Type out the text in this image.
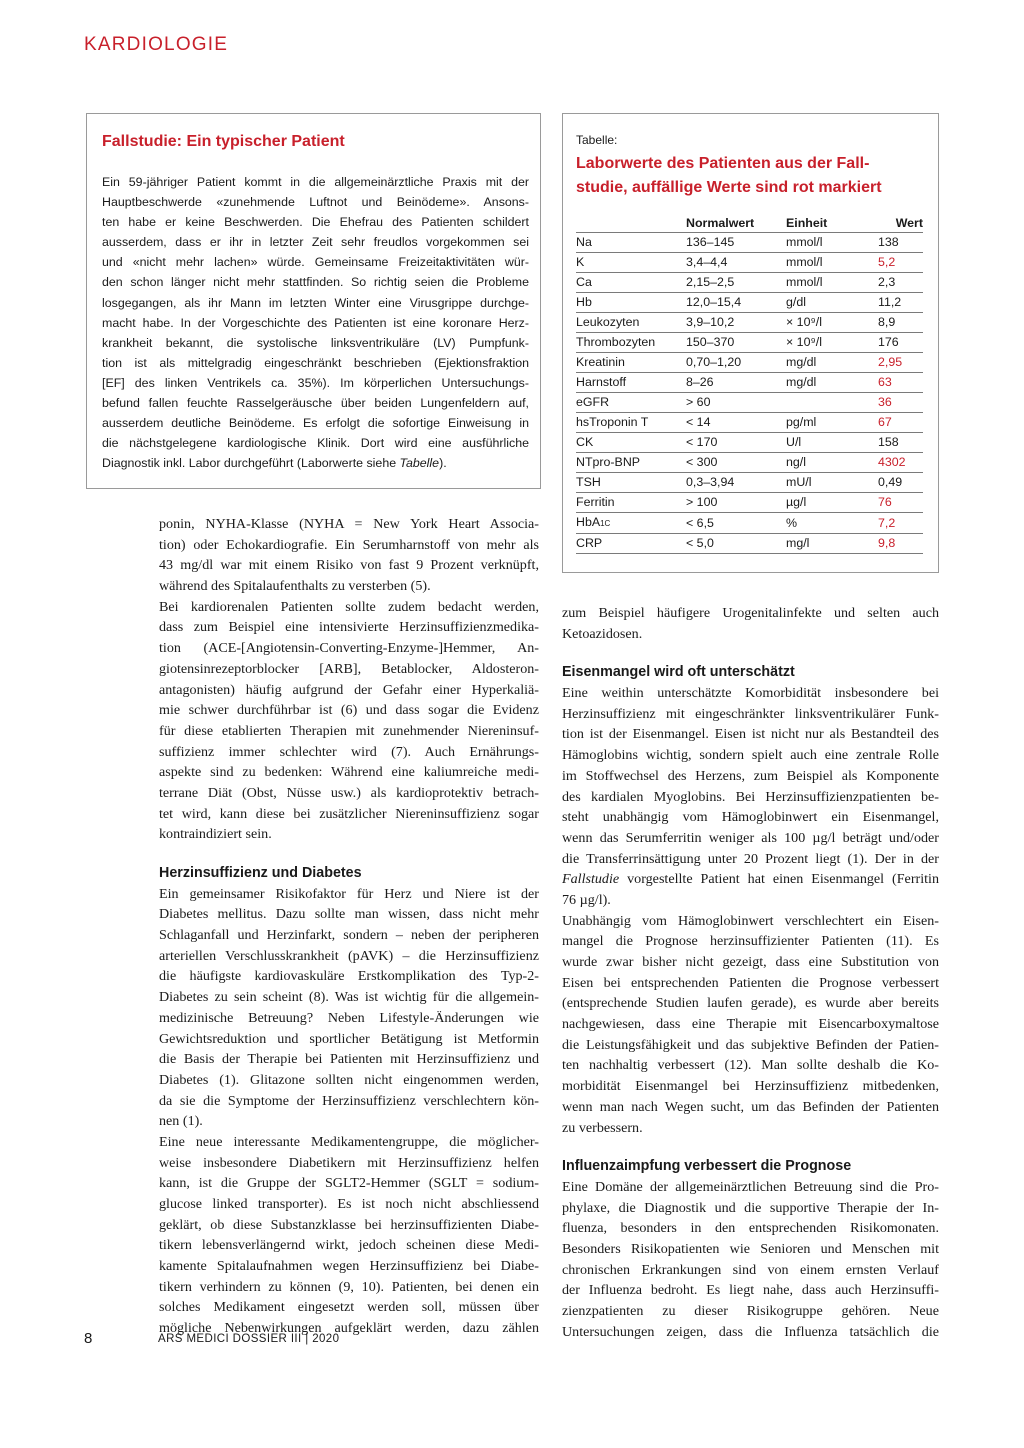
KARDIOLOGIE
Fallstudie: Ein typischer Patient
Ein 59-jähriger Patient kommt in die allgemeinärztliche Praxis mit der
Hauptbeschwerde «zunehmende Luftnot und Beinödeme». Ansons-
ten habe er keine Beschwerden. Die Ehefrau des Patienten schildert
ausserdem, dass er ihr in letzter Zeit sehr freudlos vorgekommen sei
und «nicht mehr lachen» würde. Gemeinsame Freizeitaktivitäten wür-
den schon länger nicht mehr stattfinden. So richtig seien die Probleme
losgegangen, als ihr Mann im letzten Winter eine Virusgrippe durchge-
macht habe. In der Vorgeschichte des Patienten ist eine koronare Herz-
krankheit bekannt, die systolische linksventrikuläre (LV) Pumpfunk-
tion ist als mittelgradig eingeschränkt beschrieben (Ejektionsfraktion
[EF] des linken Ventrikels ca. 35%). Im körperlichen Untersuchungs-
befund fallen feuchte Rasselgeräusche über beiden Lungenfeldern auf,
ausserdem deutliche Beinödeme. Es erfolgt die sofortige Einweisung in
die nächstgelegene kardiologische Klinik. Dort wird eine ausführliche
Diagnostik inkl. Labor durchgeführt (Laborwerte siehe Tabelle).
Tabelle:
Laborwerte des Patienten aus der Fall-
studie, auffällige Werte sind rot markiert
	Normalwert	Einheit	Wert
Na	136–145	mmol/l	138
K	3,4–4,4	mmol/l	5,2
Ca	2,15–2,5	mmol/l	2,3
Hb	12,0–15,4	g/dl	11,2
Leukozyten	3,9–10,2	× 10⁹/l	8,9
Thrombozyten	150–370	× 10⁹/l	176
Kreatinin	0,70–1,20	mg/dl	2,95
Harnstoff	8–26	mg/dl	63
eGFR	> 60		36
hsTroponin T	< 14	pg/ml	67
CK	< 170	U/l	158
NTpro-BNP	< 300	ng/l	4302
TSH	0,3–3,94	mU/l	0,49
Ferritin	> 100	µg/l	76
HbA1C	< 6,5	%	7,2
CRP	< 5,0	mg/l	9,8
ponin, NYHA-Klasse (NYHA = New York Heart Associa-
tion) oder Echokardiografie. Ein Serumharnstoff von mehr als
43 mg/dl war mit einem Risiko von fast 9 Prozent verknüpft,
während des Spitalaufenthalts zu versterben (5).
Bei kardiorenalen Patienten sollte zudem bedacht werden,
dass zum Beispiel eine intensivierte Herzinsuffizienzmedika-
tion (ACE-[Angiotensin-Converting-Enzyme-]Hemmer, An-
giotensinrezeptorblocker [ARB], Betablocker, Aldosteron-
antagonisten) häufig aufgrund der Gefahr einer Hyperkaliä-
mie schwer durchführbar ist (6) und dass sogar die Evidenz
für diese etablierten Therapien mit zunehmender Niereninsuf-
suffizienz immer schlechter wird (7). Auch Ernährungs-
aspekte sind zu bedenken: Während eine kaliumreiche medi-
terrane Diät (Obst, Nüsse usw.) als kardioprotektiv betrach-
tet wird, kann diese bei zusätzlicher Niereninsuffizienz sogar
kontraindiziert sein.
Herzinsuffizienz und Diabetes
Ein gemeinsamer Risikofaktor für Herz und Niere ist der
Diabetes mellitus. Dazu sollte man wissen, dass nicht mehr
Schlaganfall und Herzinfarkt, sondern – neben der peripheren
arteriellen Verschlusskrankheit (pAVK) – die Herzinsuffizienz
die häufigste kardiovaskuläre Erstkomplikation des Typ-2-
Diabetes zu sein scheint (8). Was ist wichtig für die allgemein-
medizinische Betreuung? Neben Lifestyle-Änderungen wie
Gewichtsreduktion und sportlicher Betätigung ist Metformin
die Basis der Therapie bei Patienten mit Herzinsuffizienz und
Diabetes (1). Glitazone sollten nicht eingenommen werden,
da sie die Symptome der Herzinsuffizienz verschlechtern kön-
nen (1).
Eine neue interessante Medikamentengruppe, die möglicher-
weise insbesondere Diabetikern mit Herzinsuffizienz helfen
kann, ist die Gruppe der SGLT2-Hemmer (SGLT = sodium-
glucose linked transporter). Es ist noch nicht abschliessend
geklärt, ob diese Substanzklasse bei herzinsuffizienten Diabe-
tikern lebensverlängernd wirkt, jedoch scheinen diese Medi-
kamente Spitalaufnahmen wegen Herzinsuffizienz bei Diabe-
tikern verhindern zu können (9, 10). Patienten, bei denen ein
solches Medikament eingesetzt werden soll, müssen über
mögliche Nebenwirkungen aufgeklärt werden, dazu zählen
zum Beispiel häufigere Urogenitalinfekte und selten auch
Ketoazidosen.
Eisenmangel wird oft unterschätzt
Eine weithin unterschätzte Komorbidität insbesondere bei
Herzinsuffizienz mit eingeschränkter linksventrikulärer Funk-
tion ist der Eisenmangel. Eisen ist nicht nur als Bestandteil des
Hämoglobins wichtig, sondern spielt auch eine zentrale Rolle
im Stoffwechsel des Herzens, zum Beispiel als Komponente
des kardialen Myoglobins. Bei Herzinsuffizienzpatienten be-
steht unabhängig vom Hämoglobinwert ein Eisenmangel,
wenn das Serumferritin weniger als 100 µg/l beträgt und/oder
die Transferrinsättigung unter 20 Prozent liegt (1). Der in der
Fallstudie vorgestellte Patient hat einen Eisenmangel (Ferritin
76 µg/l).
Unabhängig vom Hämoglobinwert verschlechtert ein Eisen-
mangel die Prognose herzinsuffizienter Patienten (11). Es
wurde zwar bisher nicht gezeigt, dass eine Substitution von
Eisen bei entsprechenden Patienten die Prognose verbessert
(entsprechende Studien laufen gerade), es wurde aber bereits
nachgewiesen, dass eine Therapie mit Eisencarboxymaltose
die Leistungsfähigkeit und das subjektive Befinden der Patien-
ten nachhaltig verbessert (12). Man sollte deshalb die Ko-
morbidität Eisenmangel bei Herzinsuffizienz mitbedenken,
wenn man nach Wegen sucht, um das Befinden der Patienten
zu verbessern.
Influenzaimpfung verbessert die Prognose
Eine Domäne der allgemeinärztlichen Betreuung sind die Pro-
phylaxe, die Diagnostik und die supportive Therapie der In-
fluenza, besonders in den entsprechenden Risikomonaten.
Besonders Risikopatienten wie Senioren und Menschen mit
chronischen Erkrankungen sind von einem ernsten Verlauf
der Influenza bedroht. Es liegt nahe, dass auch Herzinsuffi-
zienzpatienten zu dieser Risikogruppe gehören. Neue
Untersuchungen zeigen, dass die Influenza tatsächlich die
8	ARS MEDICI DOSSIER III | 2020
